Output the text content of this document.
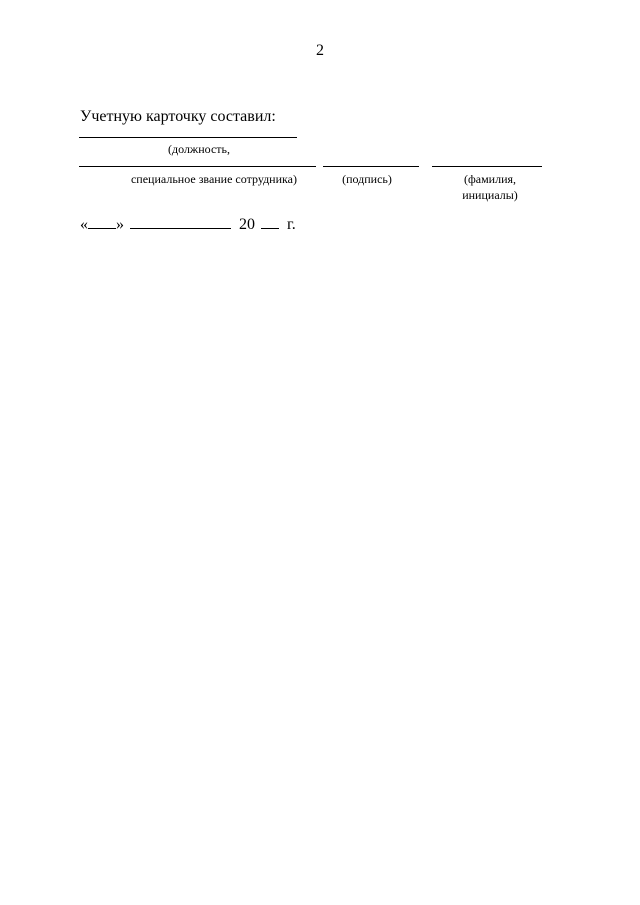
2
Учетную карточку составил:
(должность,
специальное звание сотрудника)	(подпись)	(фамилия,
инициалы)
« »	20 г.
